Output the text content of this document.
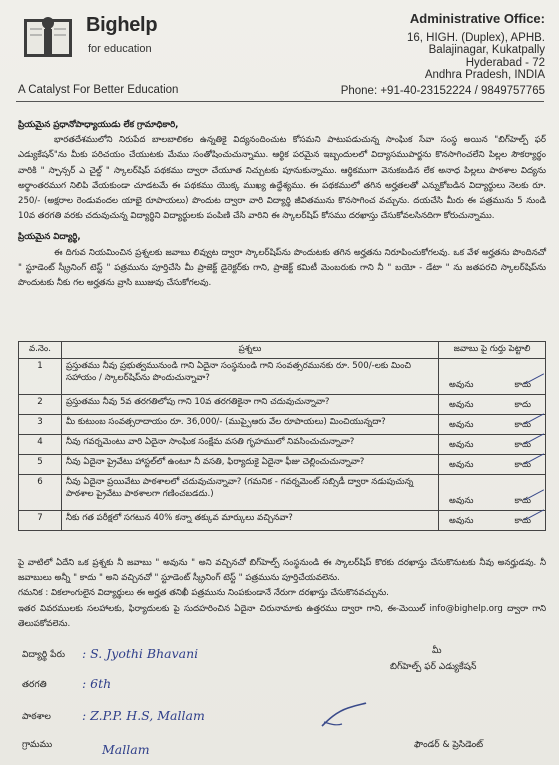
Bighelp
for education
A Catalyst For Better Education
Administrative Office:
16, HIGH. (Duplex), APHB.
Balajinagar, Kukatpally
Hyderabad - 72
Andhra Pradesh, INDIA
Phone: +91-40-23152224 / 9849757765

ప్రియమైన ప్రధానోపాధ్యాయుడు లేక గ్రామాధికారి,

భారతదేశములోని నిరుపేద బాలబాలికల ఉన్నతికై విద్యనందించుట కోసమని పాటుపడుచున్న సాంఘిక సేవా సంస్థ అయిన "బిగ్‌హెల్ప్ ఫర్ ఎడ్యుకేషన్"ను మీకు పరిచయం చేయుటకు మేము సంతోషించుచున్నాము. ఆర్థిక పరమైన ఇబ్బందులలో విద్యాసముపార్జను కొనసాగించలేని పిల్లల సౌకర్యార్థం వారికి " స్పాన్సర్ ఎ చైల్డ్ " స్కాలర్‌షిప్ పథకము ద్వారా చేయూత నిచ్చుటకు పూనుకున్నాము. ఆర్థికముగా వెనుకబడిన లేక అనాధ పిల్లలు పాఠశాల విద్యను అర్థాంతరముగ నిలిపి వేయకుండా చూడటమే ఈ పథకము యొక్క ముఖ్య ఉద్దేశ్యము. ఈ పథకములో తగిన అర్హతలతో ఎన్నుకోబడిన విద్యార్థులు నెలకు రూ. 250/- (అక్షరాల రెండువందల యాభై రూపాయలు) పొందుట ద్వారా వారి విద్యార్థి జీవితమును కొనసాగించ వచ్చును. దయచేసి మీరు ఈ పత్రమును 5 నుండి 10వ తరగతి వరకు చదువుచున్న విద్యార్థిని విద్యార్థులకు పంపిణి చేసి వారిని ఈ స్కాలర్‌షిప్ కోసము దరఖాస్తు చేసుకోవలసినదిగా కోరుచున్నాము.

ప్రియమైన విద్యార్థి,

ఈ దిగువ నియమించిన ప్రశ్నలకు జవాబు లివ్వుట ద్వారా స్కాలర్‌షిప్‌ను పొందుటకు తగిన అర్హతను నిరూపించుకోగలవు. ఒక వేళ అర్హతను పొందినచో " స్టూడెంట్ స్క్రీనింగ్ టెస్ట్ " పత్రమును పూర్తిచేసి మీ ప్రాజెక్ట్ డైరెక్టర్‌కు గాని, ప్రాజెక్ట్ కమిటీ మెంబరుకు గాని నీ " బయో - డేటా " ను జతపరచి స్కాలర్‌షిప్‌ను పొందుటకు నీకు గల అర్హతను వ్రాసి ఋజువు చేసుకోగలవు.

వ.నెం.	ప్రశ్నలు	జవాబు పై గుర్తు పెట్టాలి
1	ప్రస్తుతము నీవు ప్రభుత్వమునుండి గాని ఏదైనా సంస్థనుండి గాని సంవత్సరమునకు రూ. 500/-లకు మించి సహాయం / స్కాలర్‌షిప్‌ను పొందుచున్నావా?	అవును కాదు

2	ప్రస్తుతము నీవు 5వ తరగతిలోపు గాని 10వ తరగతికైనా గాని చదువుచున్నావా?	అవును కాదు

3	మీ కుటుంబ సంవత్సరాదాయం రూ. 36,000/- (ముప్పైఆరు వేల రూపాయలు) మించియున్నదా?	అవును కాదు

4	నీవు గవర్నమెంటు వారి ఏదైనా సాంఘిక సంక్షేమ వసతి గృహములో నివసించుచున్నావా?	అవును కాదు

5	నీవు ఏదైనా ప్రైవేటు హాస్టల్‌లో ఉంటూ నీ వసతి, ఫిర్యాదుకై ఏదైనా ఫీజు చెల్లించుచున్నావా?	అవును కాదు

6	నీవు ఏదైనా ప్రయివేటు పాఠశాలలో చదువుచున్నావా? (గమనిక - గవర్నమెంట్ సబ్సిడీ ద్వారా నడుపుచున్న పాఠశాల ప్రైవేటు పాఠశాలగా గణించబడదు.)	అవును కాదు

7	నీకు గత పరీక్షలో సగటున 40% కన్నా తక్కువ మార్కులు వచ్చినవా?	అవును కాదు

పై వాటిలో ఏదేని ఒక ప్రశ్నకు నీ జవాబు " అవును " అని వచ్చినచో బిగ్‌హెల్ప్ సంస్థనుండి ఈ స్కాలర్‌షిప్ కొరకు దరఖాస్తు చేసుకొనుటకు నీవు అనర్హుడవు. నీ జవాబులు అన్నీ " కాదు " అని వచ్చినచో " స్టూడెంట్ స్క్రీనింగ్ టెస్ట్ " పత్రమును పూర్తిచేయవలెను.

గమనిక : వికలాంగులైన విద్యార్థులు ఈ అర్హత తనిఖీ పత్రమును నింపకుండానే నేరుగా దరఖాస్తు చేసుకొనవచ్చును.

ఇతర వివరములకు సలహాలకు, ఫిర్యాదులకు పై సుదహరించిన ఏదైనా చిరునామాకు ఉత్తరము ద్వారా గాని, ఈ-మెయిల్ info@bighelp.org ద్వారా గాని తెలుపకోవలెను.

విద్యార్థి పేరు : S. Jyothi Bhavani
తరగతి	: 6th
పాఠశాల : Z.P.P. H.S, Mallam
గ్రామము	Mallam
మీ
బిగ్‌హెల్ప్ ఫర్ ఎడ్యుకేషన్
ఫౌండర్ & ప్రెసిడెంట్
